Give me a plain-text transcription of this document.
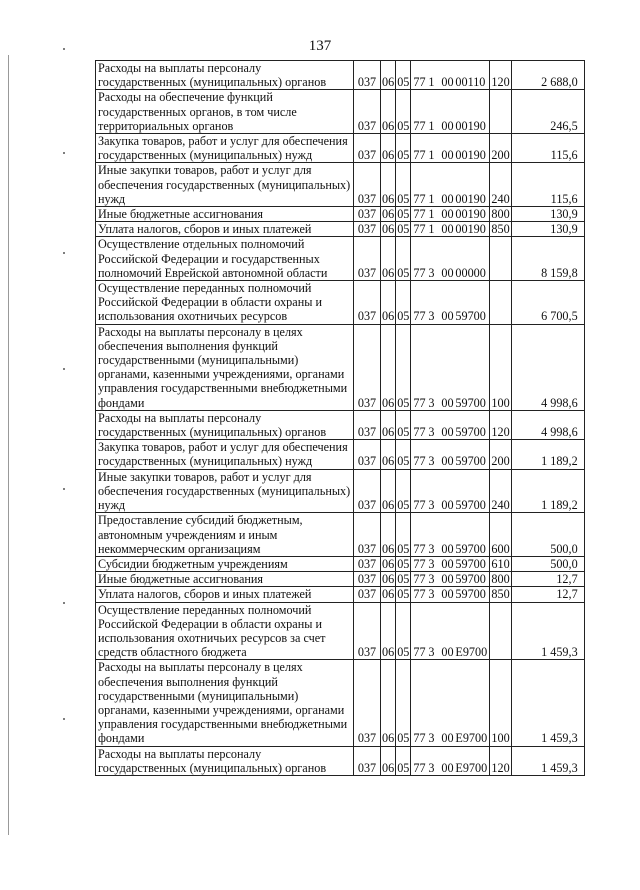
137
Расходы на выплаты персоналу государственных (муниципальных) органов	037	06	05	77 1 00 00110	120	2 688,0
Расходы на обеспечение функций государственных органов, в том числе территориальных органов	037	06	05	77 1 00 00190		246,5
Закупка товаров, работ и услуг для обеспечения государственных (муниципальных) нужд	037	06	05	77 1 00 00190	200	115,6
Иные закупки товаров, работ и услуг для обеспечения государственных (муниципальных) нужд	037	06	05	77 1 00 00190	240	115,6
Иные бюджетные ассигнования	037	06	05	77 1 00 00190	800	130,9
Уплата налогов, сборов и иных платежей	037	06	05	77 1 00 00190	850	130,9
Осуществление отдельных полномочий Российской Федерации и государственных полномочий Еврейской автономной области	037	06	05	77 3 00 00000		8 159,8
Осуществление переданных полномочий Российской Федерации в области охраны и использования охотничьих ресурсов	037	06	05	77 3 00 59700		6 700,5
Расходы на выплаты персоналу в целях обеспечения выполнения функций государственными (муниципальными) органами, казенными учреждениями, органами управления государственными внебюджетными фондами	037	06	05	77 3 00 59700	100	4 998,6
Расходы на выплаты персоналу государственных (муниципальных) органов	037	06	05	77 3 00 59700	120	4 998,6
Закупка товаров, работ и услуг для обеспечения государственных (муниципальных) нужд	037	06	05	77 3 00 59700	200	1 189,2
Иные закупки товаров, работ и услуг для обеспечения государственных (муниципальных) нужд	037	06	05	77 3 00 59700	240	1 189,2
Предоставление субсидий бюджетным, автономным учреждениям и иным некоммерческим организациям	037	06	05	77 3 00 59700	600	500,0
Субсидии бюджетным учреждениям	037	06	05	77 3 00 59700	610	500,0
Иные бюджетные ассигнования	037	06	05	77 3 00 59700	800	12,7
Уплата налогов, сборов и иных платежей	037	06	05	77 3 00 59700	850	12,7
Осуществление переданных полномочий Российской Федерации в области охраны и использования охотничьих ресурсов за счет средств областного бюджета	037	06	05	77 3 00 Е9700		1 459,3
Расходы на выплаты персоналу в целях обеспечения выполнения функций государственными (муниципальными) органами, казенными учреждениями, органами управления государственными внебюджетными фондами	037	06	05	77 3 00 Е9700	100	1 459,3
Расходы на выплаты персоналу государственных (муниципальных) органов	037	06	05	77 3 00 Е9700	120	1 459,3
